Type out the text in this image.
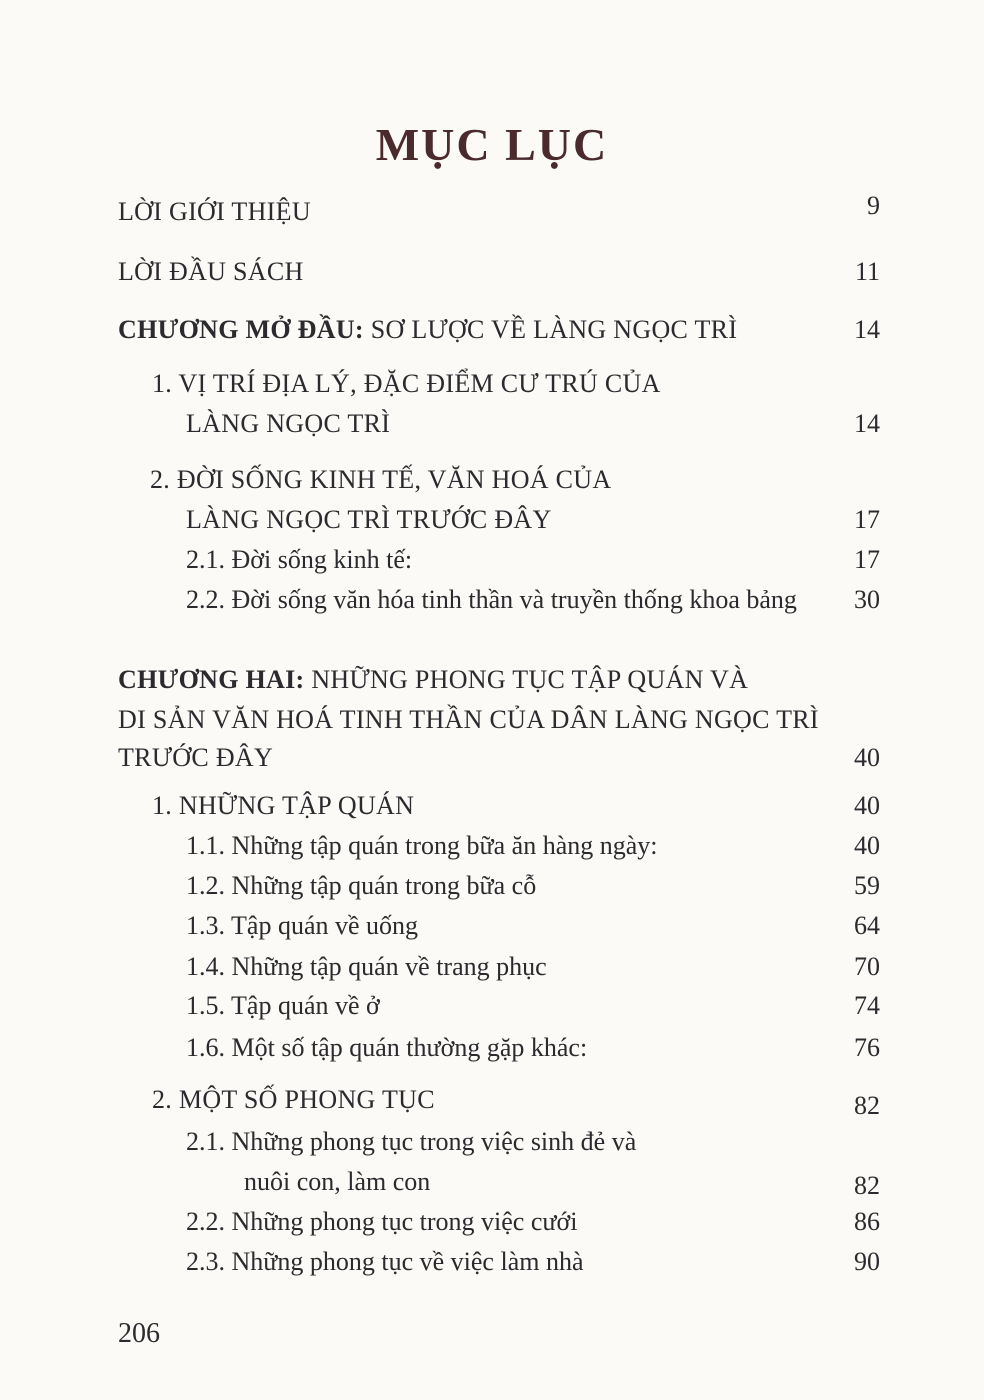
MỤC LỤC
LỜI GIỚI THIỆU	9
LỜI ĐẦU SÁCH	11
CHƯƠNG MỞ ĐẦU: SƠ LƯỢC VỀ LÀNG NGỌC TRÌ	14
1. VỊ TRÍ ĐỊA LÝ, ĐẶC ĐIỂM CƯ TRÚ CỦA
LÀNG NGỌC TRÌ	14
2. ĐỜI SỐNG KINH TẾ, VĂN HOÁ CỦA
LÀNG NGỌC TRÌ TRƯỚC ĐÂY	17
2.1. Đời sống kinh tế:	17
2.2. Đời sống văn hóa tinh thần và truyền thống khoa bảng 30
CHƯƠNG HAI: NHỮNG PHONG TỤC TẬP QUÁN VÀ
DI SẢN VĂN HOÁ TINH THẦN CỦA DÂN LÀNG NGỌC TRÌ
TRƯỚC ĐÂY	40
1. NHỮNG TẬP QUÁN	40
1.1. Những tập quán trong bữa ăn hàng ngày:	40
1.2. Những tập quán trong bữa cỗ	59
1.3. Tập quán về uống	64
1.4. Những tập quán về trang phục	70
1.5. Tập quán về ở	74
1.6. Một số tập quán thường gặp khác:	76
2. MỘT SỐ PHONG TỤC	82
2.1. Những phong tục trong việc sinh đẻ và
nuôi con, làm con	82
2.2. Những phong tục trong việc cưới	86
2.3. Những phong tục về việc làm nhà	90
206
